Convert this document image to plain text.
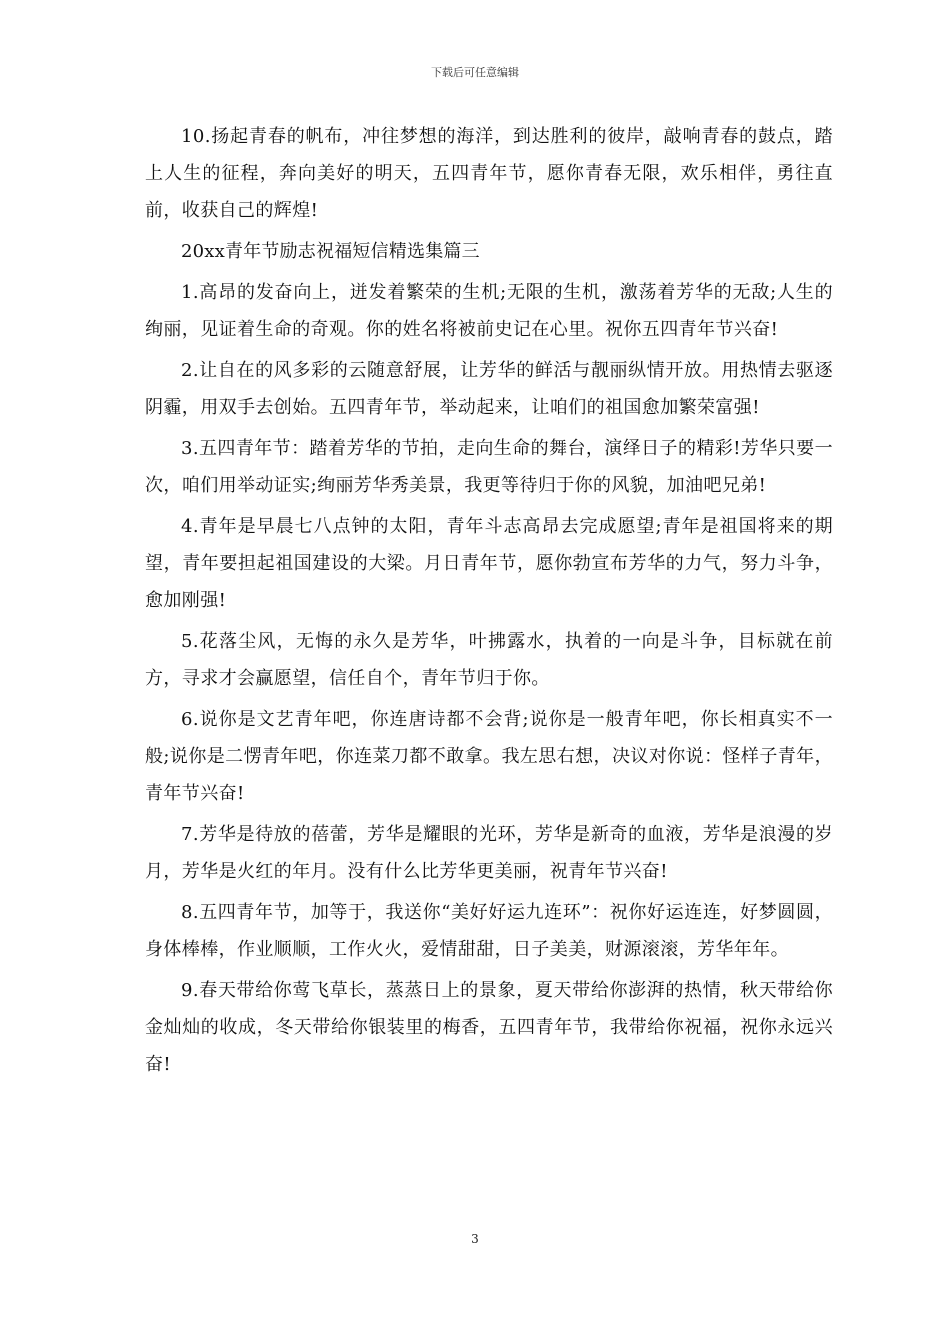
下载后可任意编辑

10.扬起青春的帆布，冲往梦想的海洋，到达胜利的彼岸，敲响青春的鼓点，踏上人生的征程，奔向美好的明天，五四青年节，愿你青春无限，欢乐相伴，勇往直前，收获自己的辉煌!

20xx青年节励志祝福短信精选集篇三

1.高昂的发奋向上，迸发着繁荣的生机;无限的生机，激荡着芳华的无敌;人生的绚丽，见证着生命的奇观。你的姓名将被前史记在心里。祝你五四青年节兴奋!

2.让自在的风多彩的云随意舒展，让芳华的鲜活与靓丽纵情开放。用热情去驱逐阴霾，用双手去创始。五四青年节，举动起来，让咱们的祖国愈加繁荣富强!

3.五四青年节：踏着芳华的节拍，走向生命的舞台，演绎日子的精彩!芳华只要一次，咱们用举动证实;绚丽芳华秀美景，我更等待归于你的风貌，加油吧兄弟!

4.青年是早晨七八点钟的太阳，青年斗志高昂去完成愿望;青年是祖国将来的期望，青年要担起祖国建设的大梁。月日青年节，愿你勃宣布芳华的力气，努力斗争，愈加刚强!

5.花落尘风，无悔的永久是芳华，叶拂露水，执着的一向是斗争，目标就在前方，寻求才会赢愿望，信任自个，青年节归于你。

6.说你是文艺青年吧，你连唐诗都不会背;说你是一般青年吧，你长相真实不一般;说你是二愣青年吧，你连菜刀都不敢拿。我左思右想，决议对你说：怪样子青年，青年节兴奋!

7.芳华是待放的蓓蕾，芳华是耀眼的光环，芳华是新奇的血液，芳华是浪漫的岁月，芳华是火红的年月。没有什么比芳华更美丽，祝青年节兴奋!

8.五四青年节，加等于，我送你“美好好运九连环”：祝你好运连连，好梦圆圆，身体棒棒，作业顺顺，工作火火，爱情甜甜，日子美美，财源滚滚，芳华年年。

9.春天带给你莺飞草长，蒸蒸日上的景象，夏天带给你澎湃的热情，秋天带给你金灿灿的收成，冬天带给你银装里的梅香，五四青年节，我带给你祝福，祝你永远兴奋!

3
